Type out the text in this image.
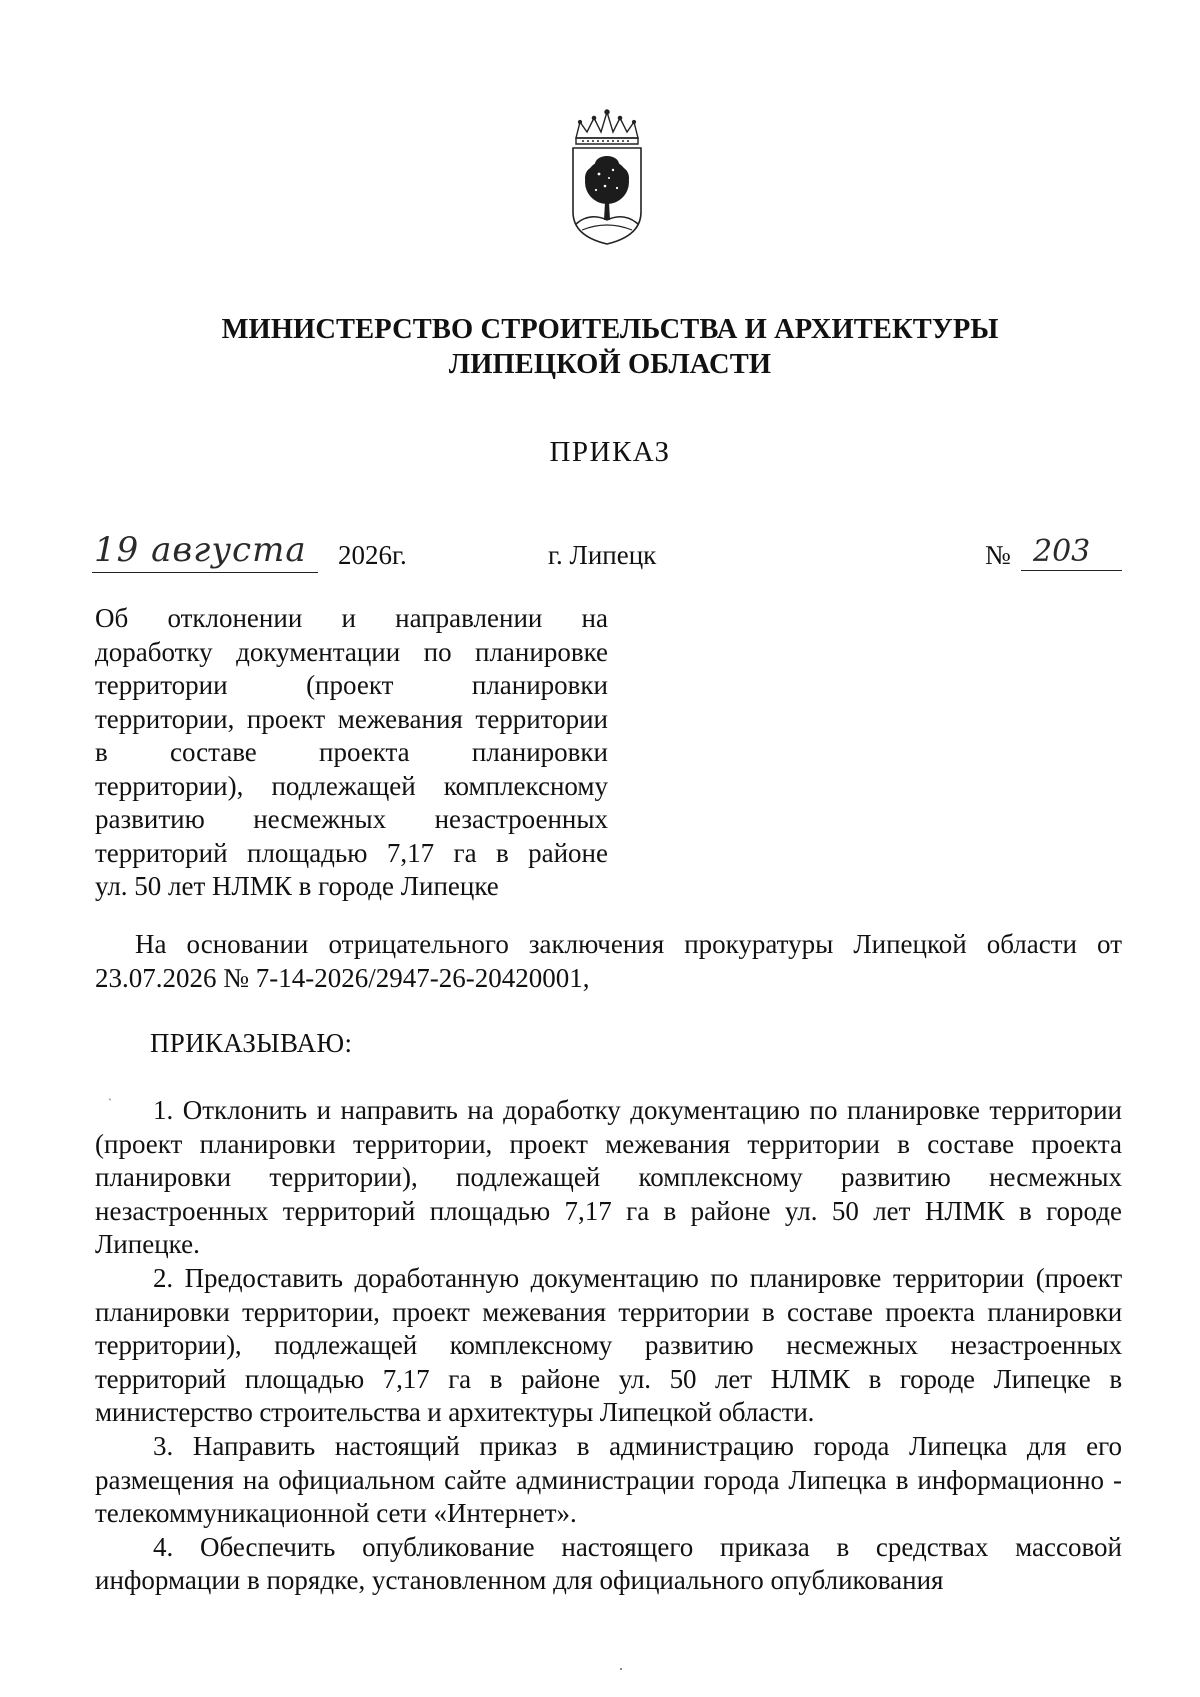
МИНИСТЕРСТВО СТРОИТЕЛЬСТВА И АРХИТЕКТУРЫ
ЛИПЕЦКОЙ ОБЛАСТИ
ПРИКАЗ
19 августа 2026г.	г. Липецк	№ 203

Об отклонении и направлении на

доработку документации по планировке

территории (проект планировки

территории, проект межевания территории

в составе проекта планировки

территории), подлежащей комплексному

развитию несмежных незастроенных

территорий площадью 7,17 га в районе

ул. 50 лет НЛМК в городе Липецке

На основании отрицательного заключения прокуратуры Липецкой области от 23.07.2026 № 7-14-2026/2947-26-20420001,

ПРИКАЗЫВАЮ:
ˋ	1. Отклонить и направить на доработку документацию по планировке территории (проект планировки территории, проект межевания территории в составе проекта планировки территории), подлежащей комплексному развитию несмежных незастроенных территорий площадью 7,17 га в районе ул. 50 лет НЛМК в городе Липецке.

2. Предоставить доработанную документацию по планировке территории (проект планировки территории, проект межевания территории в составе проекта планировки территории), подлежащей комплексному развитию несмежных незастроенных территорий площадью 7,17 га в районе ул. 50 лет НЛМК в городе Липецке в министерство строительства и архитектуры Липецкой области.

3. Направить настоящий приказ в администрацию города Липецка для его размещения на официальном сайте администрации города Липецка в информационно - телекоммуникационной сети «Интернет».

4. Обеспечить опубликование настоящего приказа в средствах массовой информации в порядке, установленном для официального опубликования
